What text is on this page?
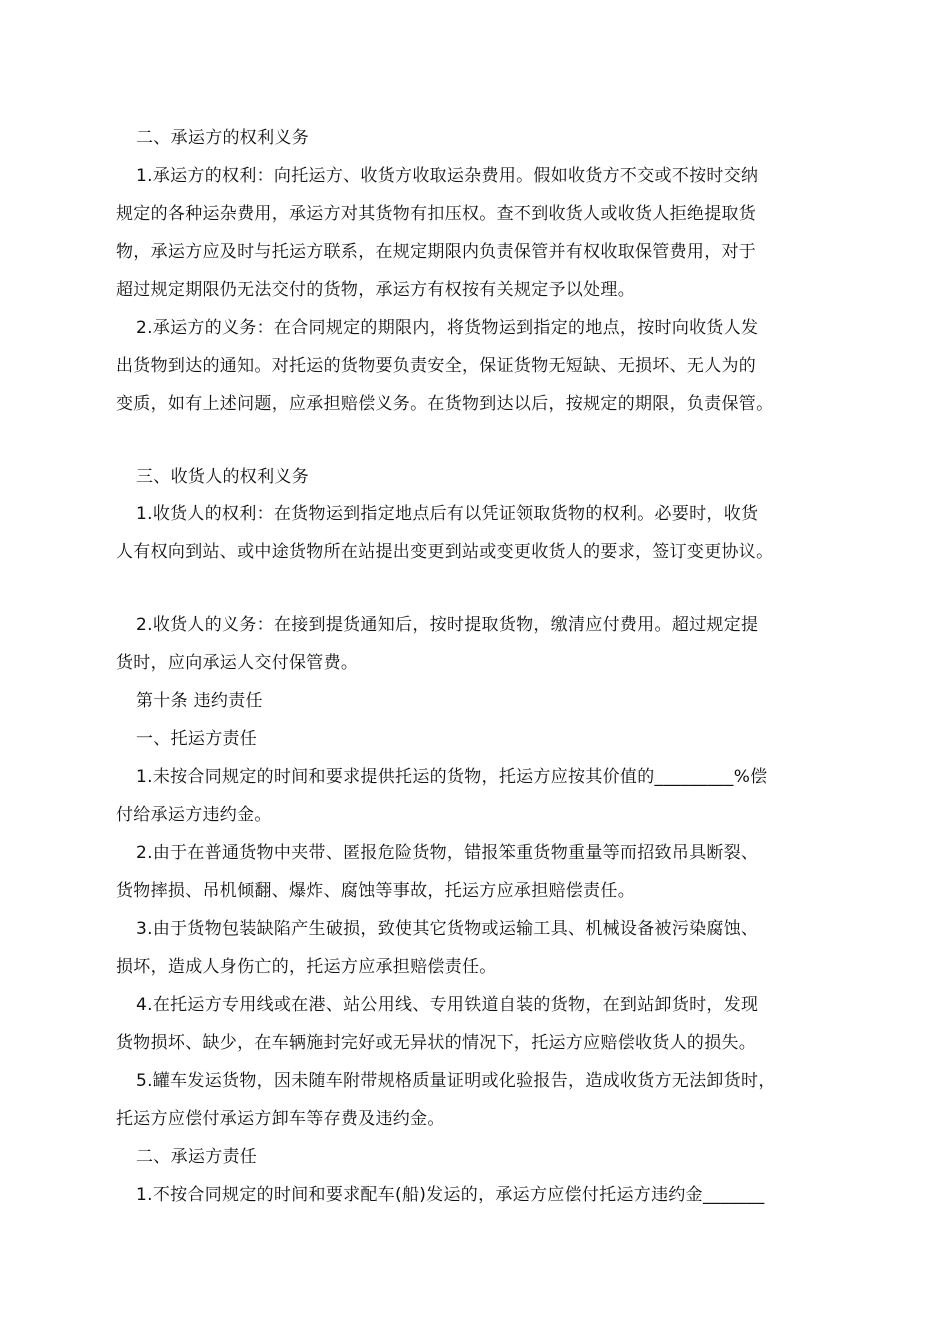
二、承运方的权利义务

1.承运方的权利：向托运方、收货方收取运杂费用。假如收货方不交或不按时交纳

规定的各种运杂费用，承运方对其货物有扣压权。查不到收货人或收货人拒绝提取货

物，承运方应及时与托运方联系，在规定期限内负责保管并有权收取保管费用，对于

超过规定期限仍无法交付的货物，承运方有权按有关规定予以处理。

2.承运方的义务：在合同规定的期限内，将货物运到指定的地点，按时向收货人发

出货物到达的通知。对托运的货物要负责安全，保证货物无短缺、无损坏、无人为的

变质，如有上述问题，应承担赔偿义务。在货物到达以后，按规定的期限，负责保管。

三、收货人的权利义务

1.收货人的权利：在货物运到指定地点后有以凭证领取货物的权利。必要时，收货

人有权向到站、或中途货物所在站提出变更到站或变更收货人的要求，签订变更协议。

2.收货人的义务：在接到提货通知后，按时提取货物，缴清应付费用。超过规定提

货时，应向承运人交付保管费。

第十条 违约责任

一、托运方责任

1.未按合同规定的时间和要求提供托运的货物，托运方应按其价值的_________%偿

付给承运方违约金。

2.由于在普通货物中夹带、匿报危险货物，错报笨重货物重量等而招致吊具断裂、

货物摔损、吊机倾翻、爆炸、腐蚀等事故，托运方应承担赔偿责任。

3.由于货物包装缺陷产生破损，致使其它货物或运输工具、机械设备被污染腐蚀、

损坏，造成人身伤亡的，托运方应承担赔偿责任。

4.在托运方专用线或在港、站公用线、专用铁道自装的货物，在到站卸货时，发现

货物损坏、缺少，在车辆施封完好或无异状的情况下，托运方应赔偿收货人的损失。

5.罐车发运货物，因未随车附带规格质量证明或化验报告，造成收货方无法卸货时，

托运方应偿付承运方卸车等存费及违约金。

二、承运方责任

1.不按合同规定的时间和要求配车(船)发运的，承运方应偿付托运方违约金_______
